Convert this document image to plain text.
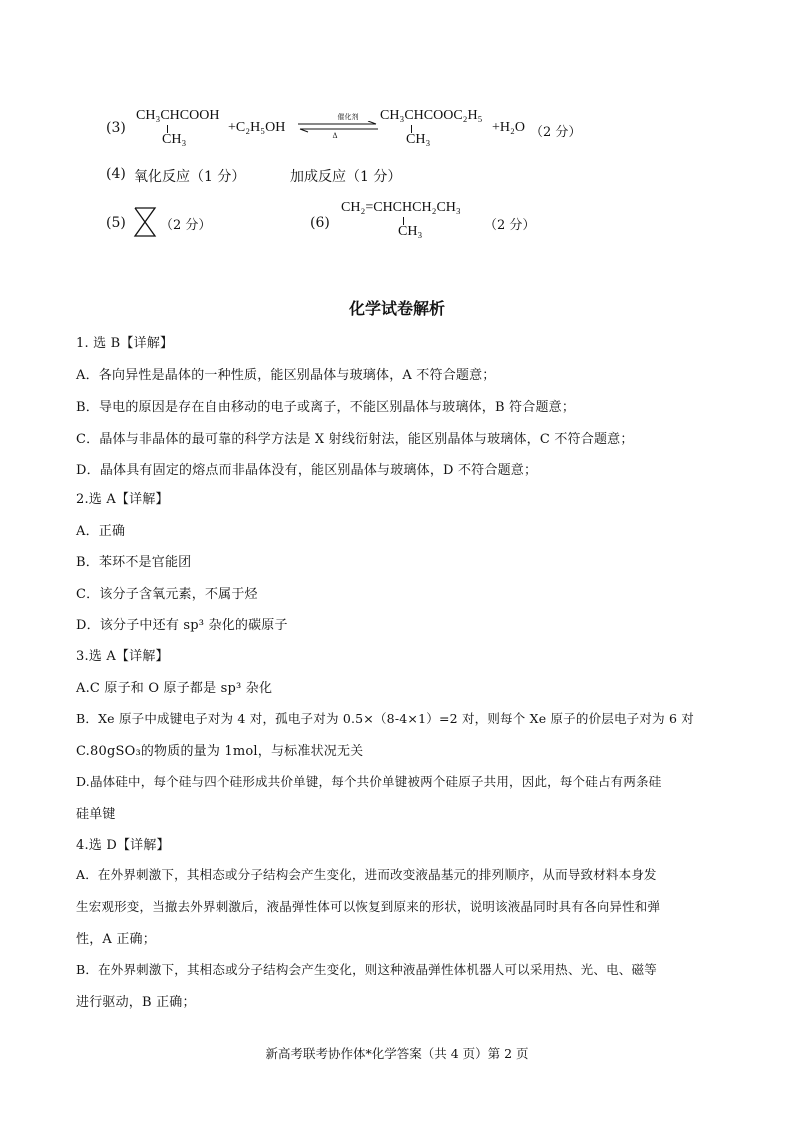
(3)
CH₃CHCOOH
CH₃
+C₂H₅OH
催化剂
Δ
CH₃CHCOOC₂H₅
CH₃
+H₂O （2 分）
(4) 氧化反应（1 分）	加成反应（1 分）
(5)	（2 分）	(6)
CH₂=CHCHCH₂CH₃
CH₃	（2 分）
化学试卷解析
1. 选 B【详解】
A．各向异性是晶体的一种性质，能区别晶体与玻璃体，A 不符合题意；
B．导电的原因是存在自由移动的电子或离子，不能区别晶体与玻璃体，B 符合题意；
C．晶体与非晶体的最可靠的科学方法是 X 射线衍射法，能区别晶体与玻璃体，C 不符合题意；
D．晶体具有固定的熔点而非晶体没有，能区别晶体与玻璃体，D 不符合题意；
2.选 A【详解】
A．正确
B．苯环不是官能团
C．该分子含氧元素，不属于烃
D．该分子中还有 sp³ 杂化的碳原子
3.选 A【详解】
A.C 原子和 O 原子都是 sp³ 杂化
B．Xe 原子中成键电子对为 4 对，孤电子对为 0.5×（8-4×1）=2 对，则每个 Xe 原子的价层电子对为 6 对
C.80gSO₃的物质的量为 1mol，与标准状况无关
D.晶体硅中，每个硅与四个硅形成共价单键，每个共价单键被两个硅原子共用，因此，每个硅占有两条硅
硅单键
4.选 D【详解】
A．在外界刺激下，其相态或分子结构会产生变化，进而改变液晶基元的排列顺序，从而导致材料本身发
生宏观形变，当撤去外界刺激后，液晶弹性体可以恢复到原来的形状，说明该液晶同时具有各向异性和弹
性，A 正确；
B．在外界刺激下，其相态或分子结构会产生变化，则这种液晶弹性体机器人可以采用热、光、电、磁等
进行驱动，B 正确；
新高考联考协作体*化学答案（共 4 页）第 2 页
